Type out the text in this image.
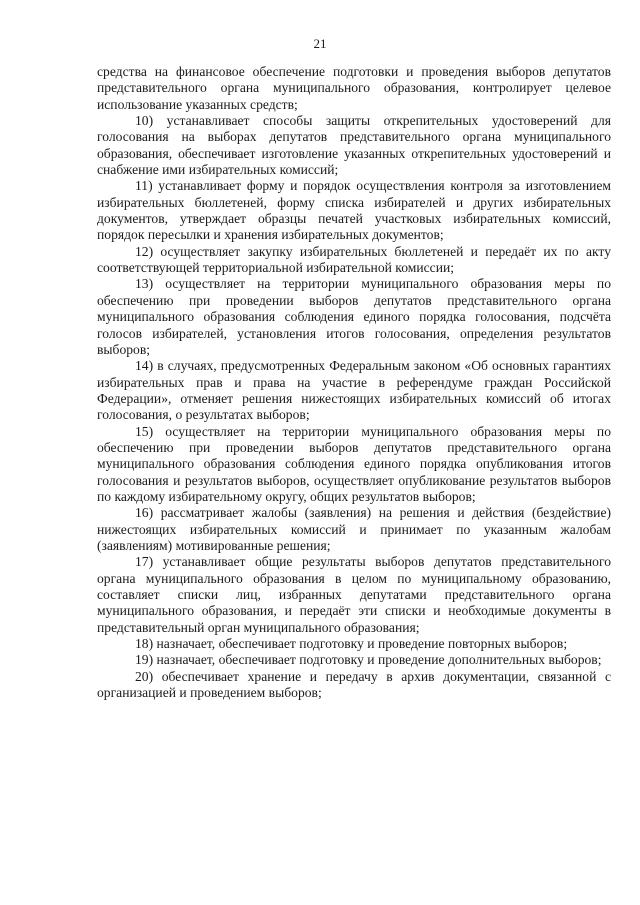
21

средства на финансовое обеспечение подготовки и проведения выборов депутатов представительного органа муниципального образования, контролирует целевое использование указанных средств;

10) устанавливает способы защиты открепительных удостоверений для голосования на выборах депутатов представительного органа муниципального образования, обеспечивает изготовление указанных открепительных удостоверений и снабжение ими избирательных комиссий;

11) устанавливает форму и порядок осуществления контроля за изготовлением избирательных бюллетеней, форму списка избирателей и других избирательных документов, утверждает образцы печатей участковых избирательных комиссий, порядок пересылки и хранения избирательных документов;

12) осуществляет закупку избирательных бюллетеней и передаёт их по акту соответствующей территориальной избирательной комиссии;

13) осуществляет на территории муниципального образования меры по обеспечению при проведении выборов депутатов представительного органа муниципального образования соблюдения единого порядка голосования, подсчёта голосов избирателей, установления итогов голосования, определения результатов выборов;

14) в случаях, предусмотренных Федеральным законом «Об основных гарантиях избирательных прав и права на участие в референдуме граждан Российской Федерации», отменяет решения нижестоящих избирательных комиссий об итогах голосования, о результатах выборов;

15) осуществляет на территории муниципального образования меры по обеспечению при проведении выборов депутатов представительного органа муниципального образования соблюдения единого порядка опубликования итогов голосования и результатов выборов, осуществляет опубликование результатов выборов по каждому избирательному округу, общих результатов выборов;

16) рассматривает жалобы (заявления) на решения и действия (бездействие) нижестоящих избирательных комиссий и принимает по указанным жалобам (заявлениям) мотивированные решения;

17) устанавливает общие результаты выборов депутатов представительного органа муниципального образования в целом по муниципальному образованию, составляет списки лиц, избранных депутатами представительного органа муниципального образования, и передаёт эти списки и необходимые документы в представительный орган муниципального образования;

18) назначает, обеспечивает подготовку и проведение повторных выборов;

19) назначает, обеспечивает подготовку и проведение дополнительных выборов;

20) обеспечивает хранение и передачу в архив документации, связанной с организацией и проведением выборов;
